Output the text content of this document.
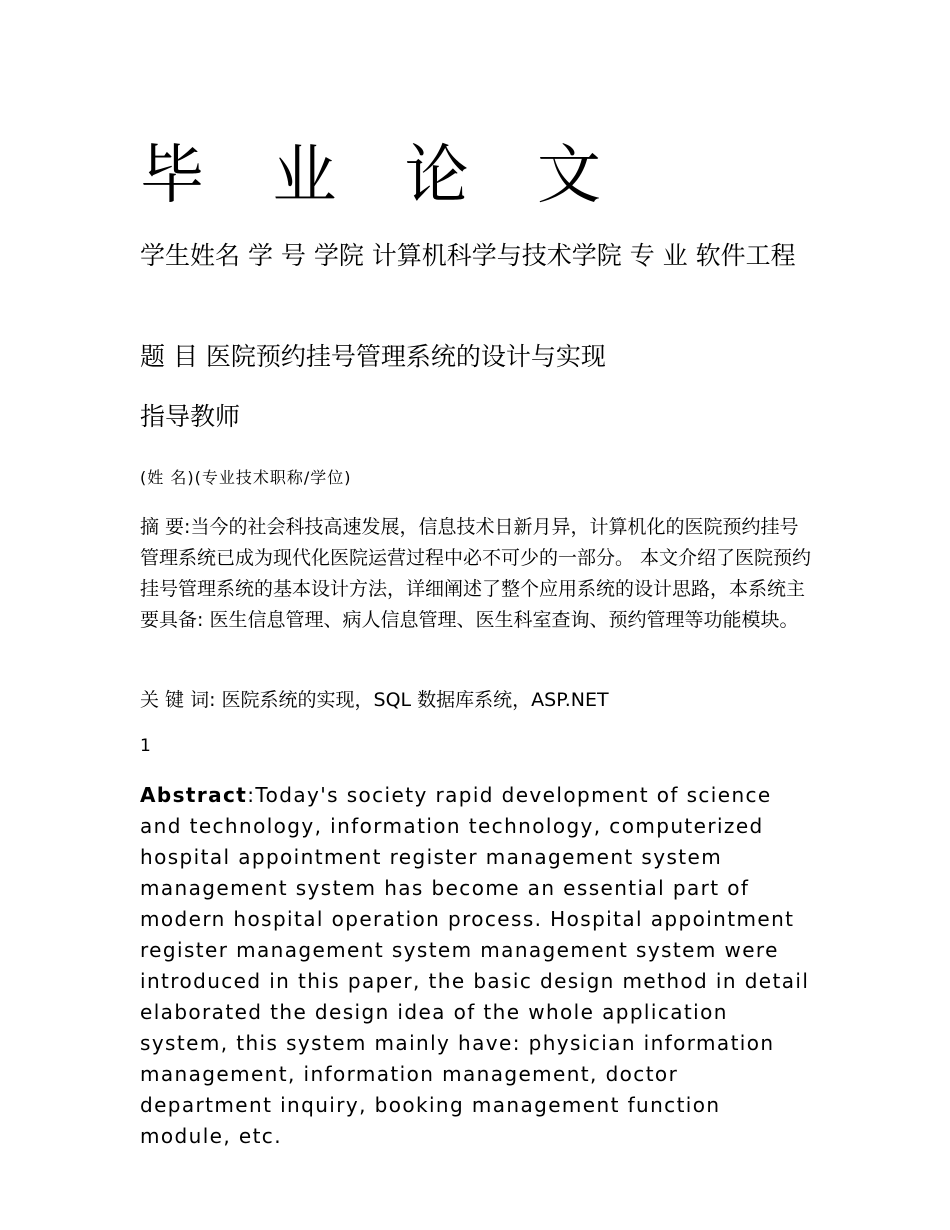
毕 业 论 文

学生姓名 学 号 学院 计算机科学与技术学院 专 业 软件工程

题 目 医院预约挂号管理系统的设计与实现

指导教师

(姓 名)(专业技术职称/学位)

摘 要:当今的社会科技高速发展，信息技术日新月异，计算机化的医院预约挂号管理系统已成为现代化医院运营过程中必不可少的一部分。 本文介绍了医院预约挂号管理系统的基本设计方法，详细阐述了整个应用系统的设计思路，本系统主要具备: 医生信息管理、病人信息管理、医生科室查询、预约管理等功能模块。

关 键 词: 医院系统的实现，SQL 数据库系统，ASP.NET

1

Abstract:Today's society rapid development of science and technology, information technology, computerized hospital appointment register management system management system has become an essential part of modern hospital operation process. Hospital appointment register management system management system were introduced in this paper, the basic design method in detail elaborated the design idea of the whole application system, this system mainly have: physician information management, information management, doctor department inquiry, booking management function module, etc.
